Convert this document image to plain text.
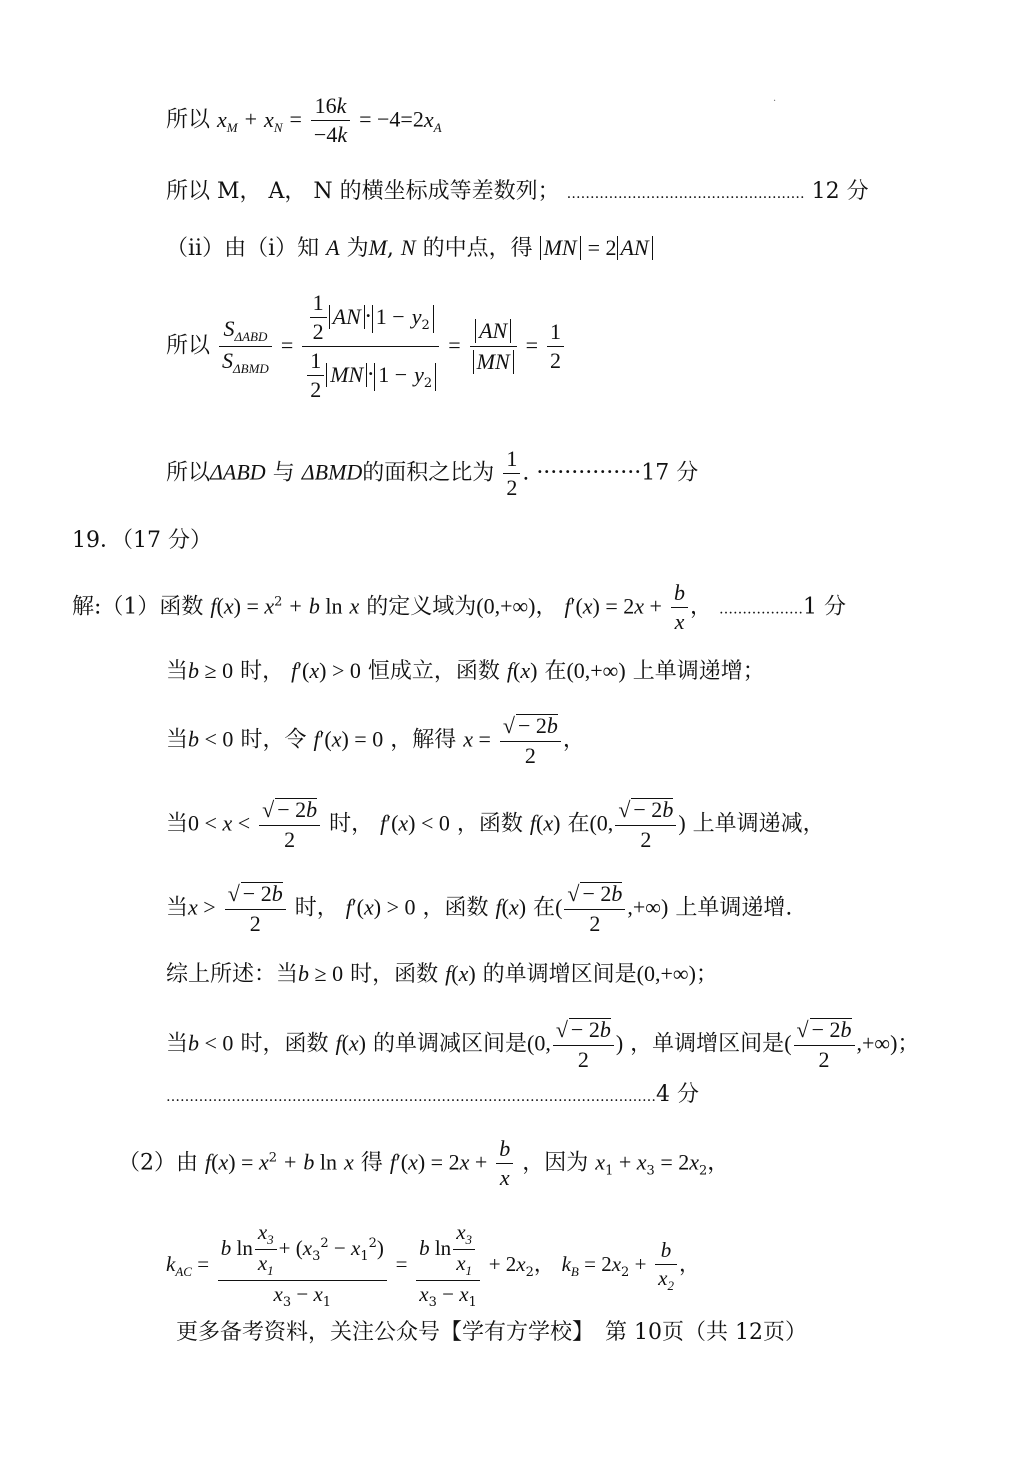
·
所以 $x_M + x_N = \frac{16k}{-4k} = -4=2x_A$
所以 M， A， N 的横坐标成等差数列； …………………………………………… 12 分
（ii）由（i）知 A 为M, N 的中点，得 MN = 2 AN
所以 $\frac{S_{\Delta ABD}}{S_{\Delta BMD}} = \frac{\frac{1}{2} AN \cdot 1 - y_2}{\frac{1}{2} MN \cdot 1 - y_2} = \frac{AN}{MN} = \frac{1}{2}$
所以ΔABD 与 ΔBMD的面积之比为 $\frac{1}{2}$ . ···············17 分
19．（17 分）
解:（1）函数 $f(x) = x^2 + b$ ln x 的定义域为(0,+∞)， $f'(x) = 2x + \frac{b}{x}$ ， ………………1 分
当b ≥ 0 时， f′(x) > 0 恒成立，函数 f(x) 在(0,+∞) 上单调递增；
当b < 0 时，令 f′(x) = 0 ，解得 $x = \frac{√ - 2b}{2}$ ，
当$0 < x < \frac{√ - 2b}{2}$ 时， f′(x) < 0 ，函数 f(x) 在(0, $\frac{√ - 2b}{2}$ ) 上单调递减，
当$x > \frac{√ - 2b}{2}$ 时， f′(x) > 0 ，函数 f(x) 在( $\frac{√ - 2b}{2}$ ,+∞) 上单调递增.
综上所述：当b ≥ 0 时，函数 f(x) 的单调增区间是(0,+∞)；
当b < 0 时，函数 f(x) 的单调减区间是(0, $\frac{√ - 2b}{2}$ ) ，单调增区间是( $\frac{√ - 2b}{2}$ ,+∞)；
……………………………………………………………………………………………4 分
（2）由 $f(x) = x^2 + b$ ln x 得 $f'(x) = 2x + \frac{b}{x}$ ，因为 $x_1 + x_3 = 2x_2$，
$k_{AC} = \frac{b \ln \frac{x_3}{x_1} + (x_3^2 - x_1^2)}{x_3 - x_1} = \frac{b \ln \frac{x_3}{x_1}}{x_3 - x_1} + 2x_2$， $k_B = 2x_2 + \frac{b}{x_2}$ ，
更多备考资料，关注公众号【学有方学校】　第 10页（共 12页）
